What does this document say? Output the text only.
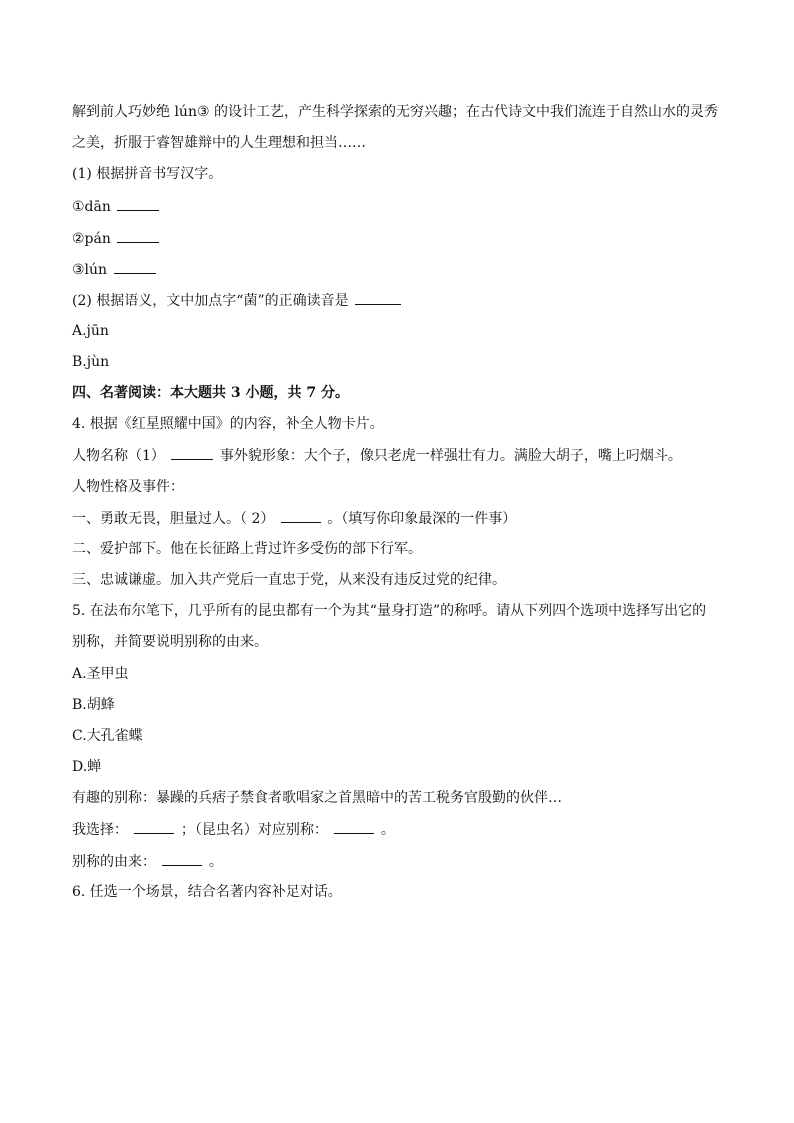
解到前人巧妙绝 lún③ 的设计工艺，产生科学探索的无穷兴趣；在古代诗文中我们流连于自然山水的灵秀
之美，折服于睿智雄辩中的人生理想和担当……
(1) 根据拼音书写汉字。
①dān
②pán
③lún
(2) 根据语义，文中加点字“菌”的正确读音是
A.jūn
B.jùn
四、名著阅读：本大题共 3 小题，共 7 分。
4. 根据《红星照耀中国》的内容，补全人物卡片。
人物名称（1）	事外貌形象：大个子，像只老虎一样强壮有力。满脸大胡子，嘴上叼烟斗。
人物性格及事件：
一、勇敢无畏，胆量过人。（ 2）	。（填写你印象最深的一件事）
二、爱护部下。他在长征路上背过许多受伤的部下行军。
三、忠诚谦虚。加入共产党后一直忠于党，从来没有违反过党的纪律。
5. 在法布尔笔下，几乎所有的昆虫都有一个为其“量身打造”的称呼。请从下列四个选项中选择写出它的
别称，并简要说明别称的由来。
A.圣甲虫
B.胡蜂
C.大孔雀蝶
D.蝉
有趣的别称：暴躁的兵痞子禁食者歌唱家之首黑暗中的苦工税务官殷勤的伙伴…
我选择：	；（昆虫名）对应别称：	。
别称的由来：	。
6. 任选一个场景，结合名著内容补足对话。
